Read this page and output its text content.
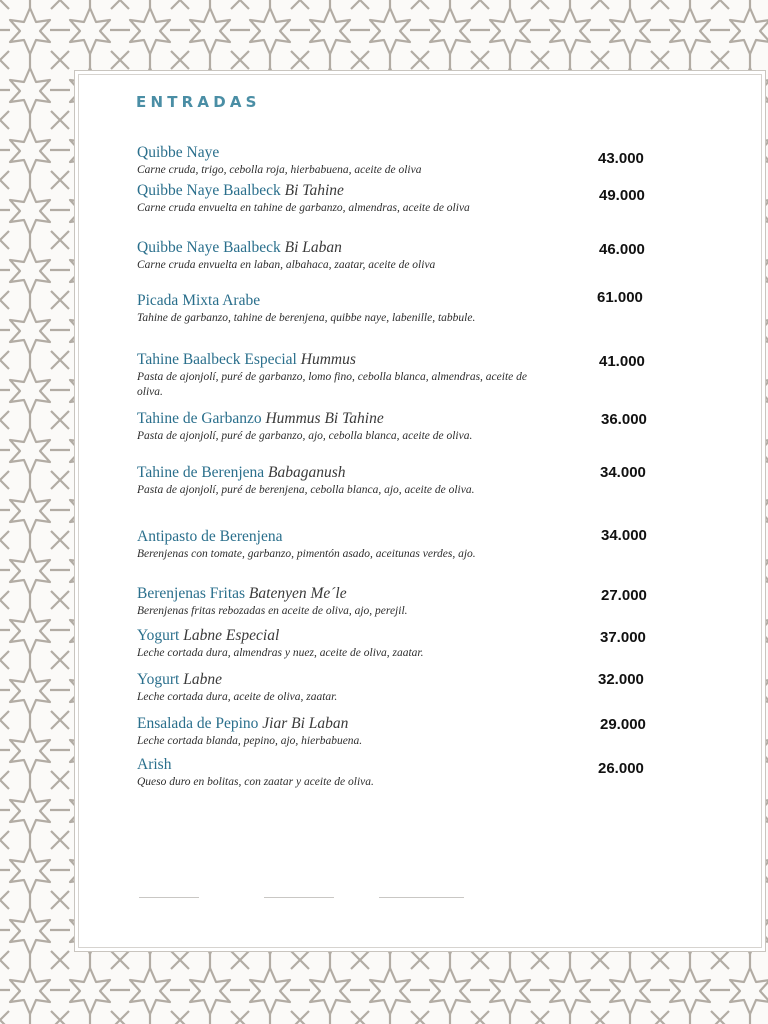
ENTRADAS
Quibbe Naye
Carne cruda, trigo, cebolla roja, hierbabuena, aceite de oliva
43.000
Quibbe Naye Baalbeck Bi Tahine
Carne cruda envuelta en tahine de garbanzo, almendras, aceite de oliva
49.000
Quibbe Naye Baalbeck Bi Laban
Carne cruda envuelta en laban, albahaca, zaatar, aceite de oliva
46.000
Picada Mixta Arabe
Tahine de garbanzo, tahine de berenjena, quibbe naye, labenille, tabbule.
61.000
Tahine Baalbeck Especial Hummus
Pasta de ajonjolí, puré de garbanzo, lomo fino, cebolla blanca, almendras, aceite de oliva.
41.000
Tahine de Garbanzo Hummus Bi Tahine
Pasta de ajonjolí, puré de garbanzo, ajo, cebolla blanca, aceite de oliva.
36.000
Tahine de Berenjena Babaganush
Pasta de ajonjolí, puré de berenjena, cebolla blanca, ajo, aceite de oliva.
34.000
Antipasto de Berenjena
Berenjenas con tomate, garbanzo, pimentón asado, aceitunas verdes, ajo.
34.000
Berenjenas Fritas Batenyen Me´le
Berenjenas fritas rebozadas en aceite de oliva, ajo, perejil.
27.000
Yogurt Labne Especial
Leche cortada dura, almendras y nuez, aceite de oliva, zaatar.
37.000
Yogurt Labne
Leche cortada dura, aceite de oliva, zaatar.
32.000
Ensalada de Pepino Jiar Bi Laban
Leche cortada blanda, pepino, ajo, hierbabuena.
29.000
Arish
Queso duro en bolitas, con zaatar y aceite de oliva.
26.000
